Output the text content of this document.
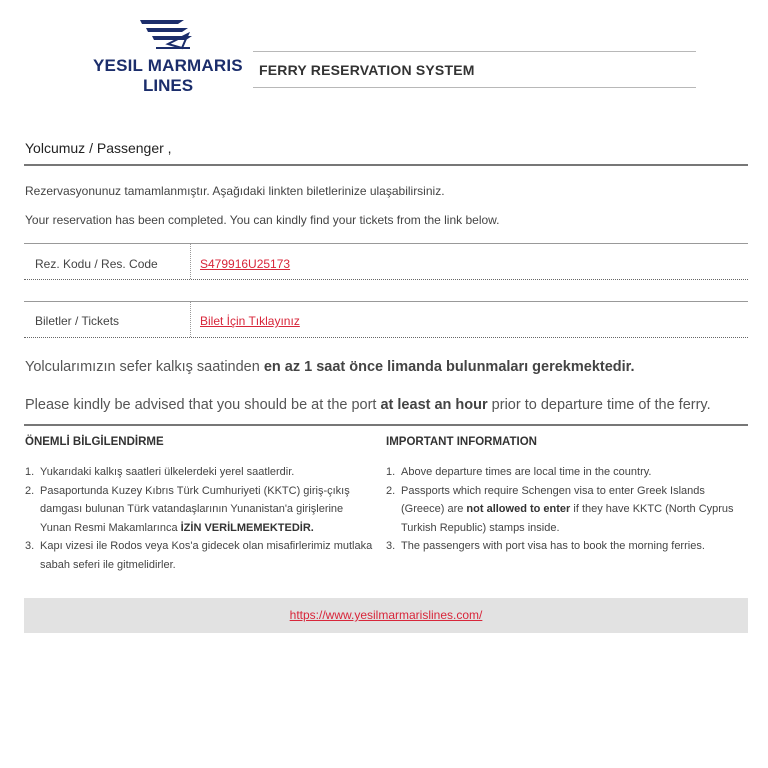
YESIL MARMARIS
LINES
FERRY RESERVATION SYSTEM
Yolcumuz / Passenger ,
Rezervasyonunuz tamamlanmıştır. Aşağıdaki linkten biletlerinize ulaşabilirsiniz.
Your reservation has been completed. You can kindly find your tickets from the link below.
Rez. Kodu / Res. Code	S479916U25173
Biletler / Tickets	Bilet İçin Tıklayınız
Yolcularımızın sefer kalkış saatinden en az 1 saat önce limanda bulunmaları gerekmektedir.
Please kindly be advised that you should be at the port at least an hour prior to departure time of the ferry.
ÖNEMLİ BİLGİLENDİRME	IMPORTANT INFORMATION
1. Yukarıdaki kalkış saatleri ülkelerdeki yerel saatlerdir.
2. Pasaportunda Kuzey Kıbrıs Türk Cumhuriyeti (KKTC) giriş-çıkış
damgası bulunan Türk vatandaşlarının Yunanistan'a girişlerine
Yunan Resmi Makamlarınca İZİN VERİLMEMEKTEDİR.
3. Kapı vizesi ile Rodos veya Kos'a gidecek olan misafirlerimiz mutlaka
sabah seferi ile gitmelidirler.
1. Above departure times are local time in the country.
2. Passports which require Schengen visa to enter Greek Islands
(Greece) are not allowed to enter if they have KKTC (North Cyprus
Turkish Republic) stamps inside.
3. The passengers with port visa has to book the morning ferries.
https://www.yesilmarmarislines.com/
